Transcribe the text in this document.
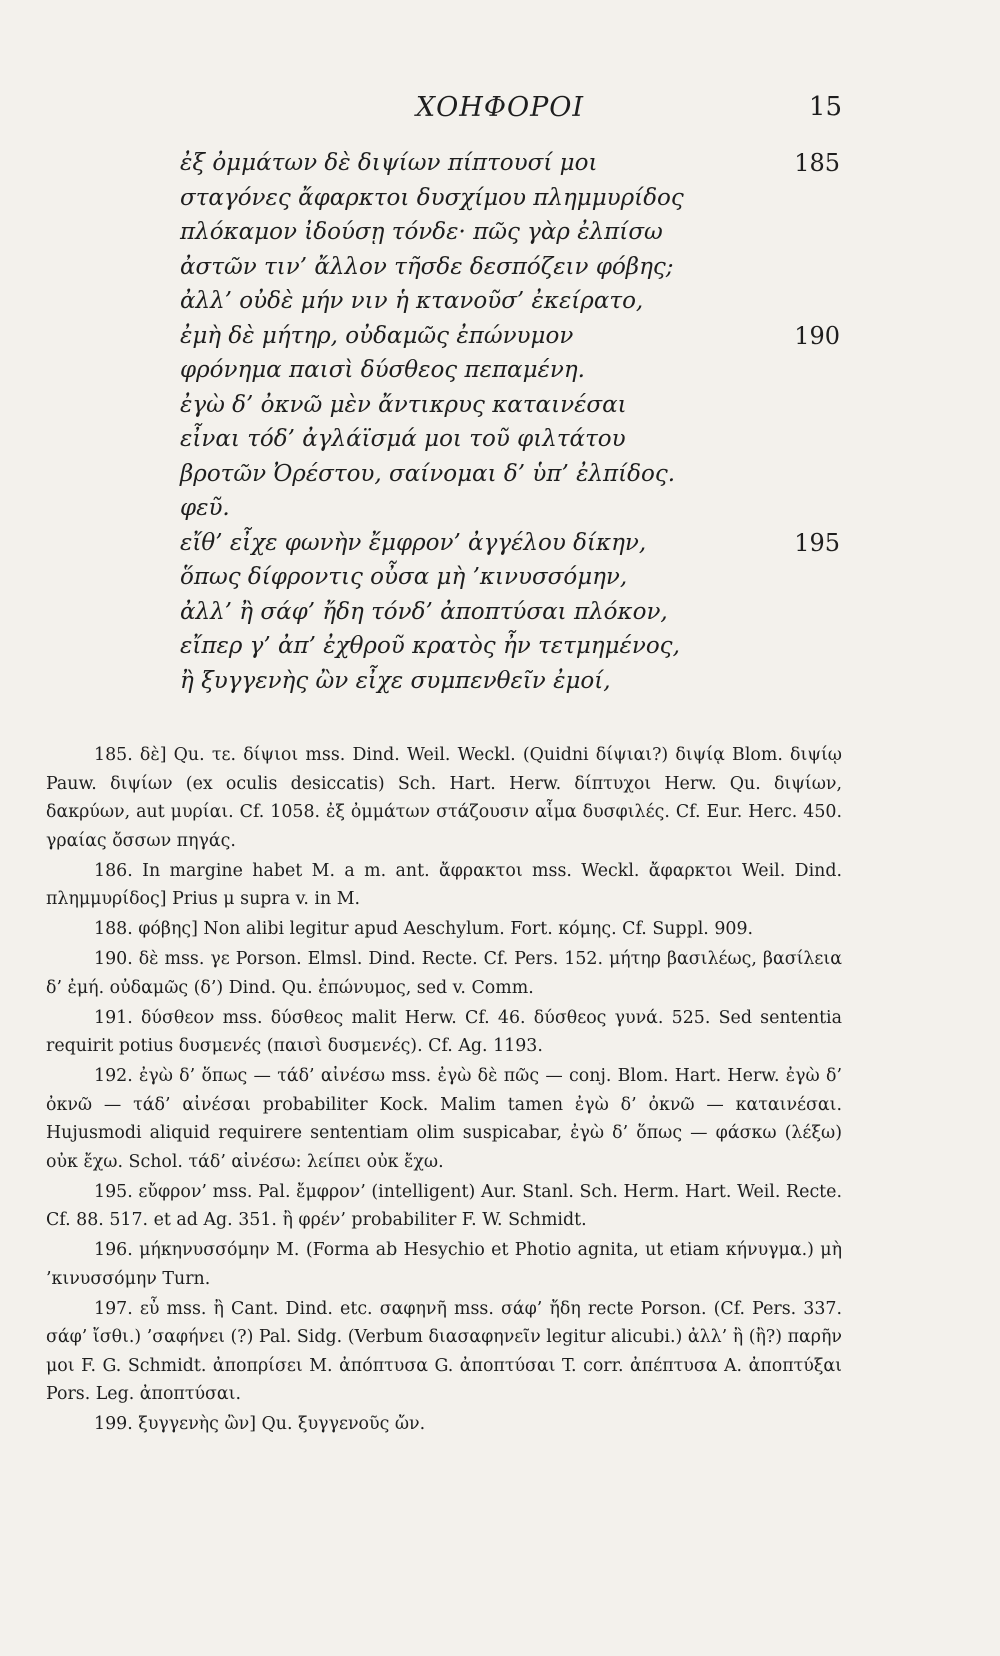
ΧΟΗΦΟΡΟΙ	15
ἐξ ὀμμάτων δὲ διψίων πίπτουσί μοι	185
σταγόνες ἄφαρκτοι δυσχίμου πλημμυρίδος
πλόκαμον ἰδούσῃ τόνδε· πῶς γὰρ ἐλπίσω
ἀστῶν τιν’ ἄλλον τῆσδε δεσπόζειν φόβης;
ἀλλ’ οὐδὲ μήν νιν ἡ κτανοῦσ’ ἐκείρατο,
ἐμὴ δὲ μήτηρ, οὐδαμῶς ἐπώνυμον	190
φρόνημα παισὶ δύσθεος πεπαμένη.
ἐγὼ δ’ ὀκνῶ μὲν ἄντικρυς καταινέσαι
εἶναι τόδ’ ἀγλάϊσμά μοι τοῦ φιλτάτου
βροτῶν Ὀρέστου, σαίνομαι δ’ ὑπ’ ἐλπίδος.
φεῦ.
εἴθ’ εἶχε φωνὴν ἔμφρον’ ἀγγέλου δίκην,	195
ὅπως δίφροντις οὖσα μὴ ’κινυσσόμην,
ἀλλ’ ἢ σάφ’ ἤδη τόνδ’ ἀποπτύσαι πλόκον,
εἴπερ γ’ ἀπ’ ἐχθροῦ κρατὸς ἦν τετμημένος,
ἢ ξυγγενὴς ὢν εἶχε συμπενθεῖν ἐμοί,

185. δὲ] Qu. τε. δίψιοι mss. Dind. Weil. Weckl. (Quidni δίψιαι?) διψίᾳ Blom. διψίῳ Pauw. διψίων (ex oculis desiccatis) Sch. Hart. Herw. δίπτυχοι Herw. Qu. διψίων, δακρύων, aut μυρίαι. Cf. 1058. ἐξ ὀμμάτων στάζουσιν αἷμα δυσφιλές. Cf. Eur. Herc. 450. γραίας ὄσσων πηγάς.

186. In margine habet M. a m. ant. ἄφρακτοι mss. Weckl. ἄφαρκτοι Weil. Dind. πλημμυρίδος] Prius μ supra v. in M.

188. φόβης] Non alibi legitur apud Aeschylum. Fort. κόμης. Cf. Suppl. 909.

190. δὲ mss. γε Porson. Elmsl. Dind. Recte. Cf. Pers. 152. μήτηρ βασιλέως, βασίλεια δ’ ἐμή. οὐδαμῶς (δ’) Dind. Qu. ἐπώνυμος, sed v. Comm.

191. δύσθεον mss. δύσθεος malit Herw. Cf. 46. δύσθεος γυνά. 525. Sed sententia requirit potius δυσμενές (παισὶ δυσμενές). Cf. Ag. 1193.

192. ἐγὼ δ’ ὅπως — τάδ’ αἰνέσω mss. ἐγὼ δὲ πῶς — conj. Blom. Hart. Herw. ἐγὼ δ’ ὀκνῶ — τάδ’ αἰνέσαι probabiliter Kock. Malim tamen ἐγὼ δ’ ὀκνῶ — καταινέσαι. Hujusmodi aliquid requirere sententiam olim suspicabar, ἐγὼ δ’ ὅπως — φάσκω (λέξω) οὐκ ἔχω. Schol. τάδ’ αἰνέσω: λείπει οὐκ ἔχω.

195. εὔφρον’ mss. Pal. ἔμφρον’ (intelligent) Aur. Stanl. Sch. Herm. Hart. Weil. Recte. Cf. 88. 517. et ad Ag. 351. ἢ φρέν’ probabiliter F. W. Schmidt.

196. μήκηνυσσόμην M. (Forma ab Hesychio et Photio agnita, ut etiam κήνυγμα.) μὴ ’κινυσσόμην Turn.

197. εὖ mss. ἢ Cant. Dind. etc. σαφηνῆ mss. σάφ’ ἤδη recte Porson. (Cf. Pers. 337. σάφ’ ἴσθι.) ’σαφήνει (?) Pal. Sidg. (Verbum διασαφηνεῖν legitur alicubi.) ἀλλ’ ἢ (ἢ?) παρῆν μοι F. G. Schmidt. ἀποπρίσει M. ἀπόπτυσα G. ἀποπτύσαι T. corr. ἀπέπτυσα A. ἀποπτύξαι Pors. Leg. ἀποπτύσαι.

199. ξυγγενὴς ὢν] Qu. ξυγγενοῦς ὤν.
